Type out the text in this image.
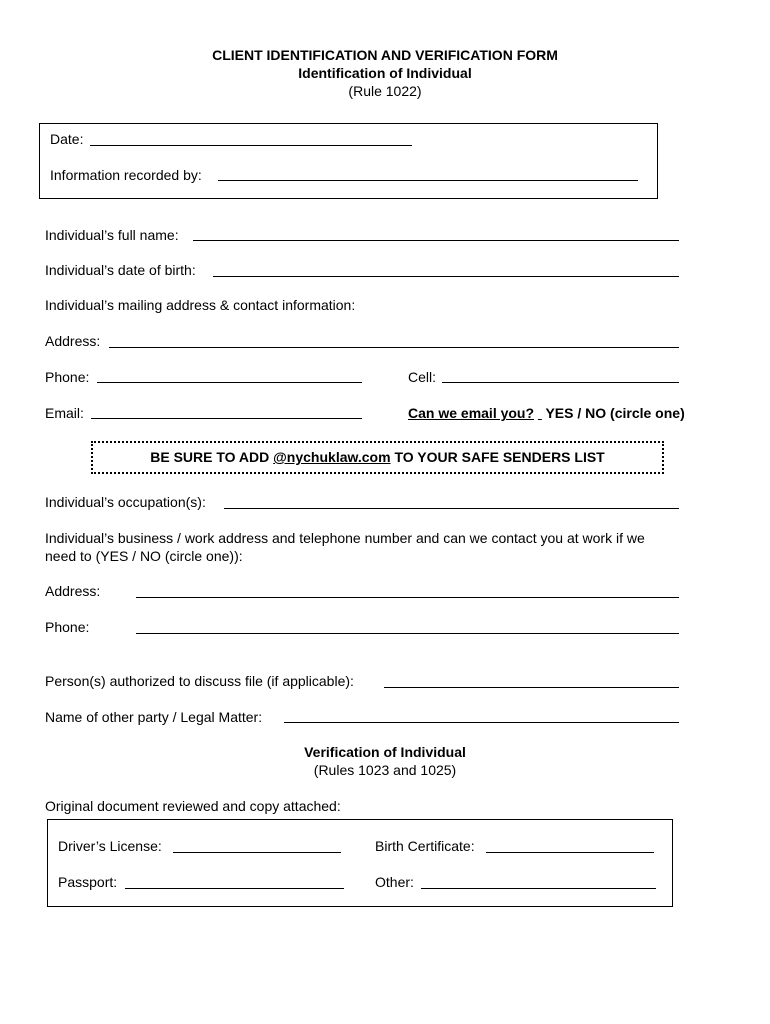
CLIENT IDENTIFICATION AND VERIFICATION FORM
Identification of Individual
(Rule 1022)
Date:
Information recorded by:
Individual’s full name:
Individual’s date of birth:
Individual’s mailing address & contact information:
Address:
Phone:	Cell:
Email:	Can we email you? YES / NO (circle one)
BE SURE TO ADD @nychuklaw.com TO YOUR SAFE SENDERS LIST
Individual’s occupation(s):
Individual’s business / work address and telephone number and can we contact you at work if we
need to (YES / NO (circle one)):
Address:
Phone:
Person(s) authorized to discuss file (if applicable):
Name of other party / Legal Matter:
Verification of Individual
(Rules 1023 and 1025)
Original document reviewed and copy attached:
Driver’s License:	Birth Certificate:
Passport:	Other:
